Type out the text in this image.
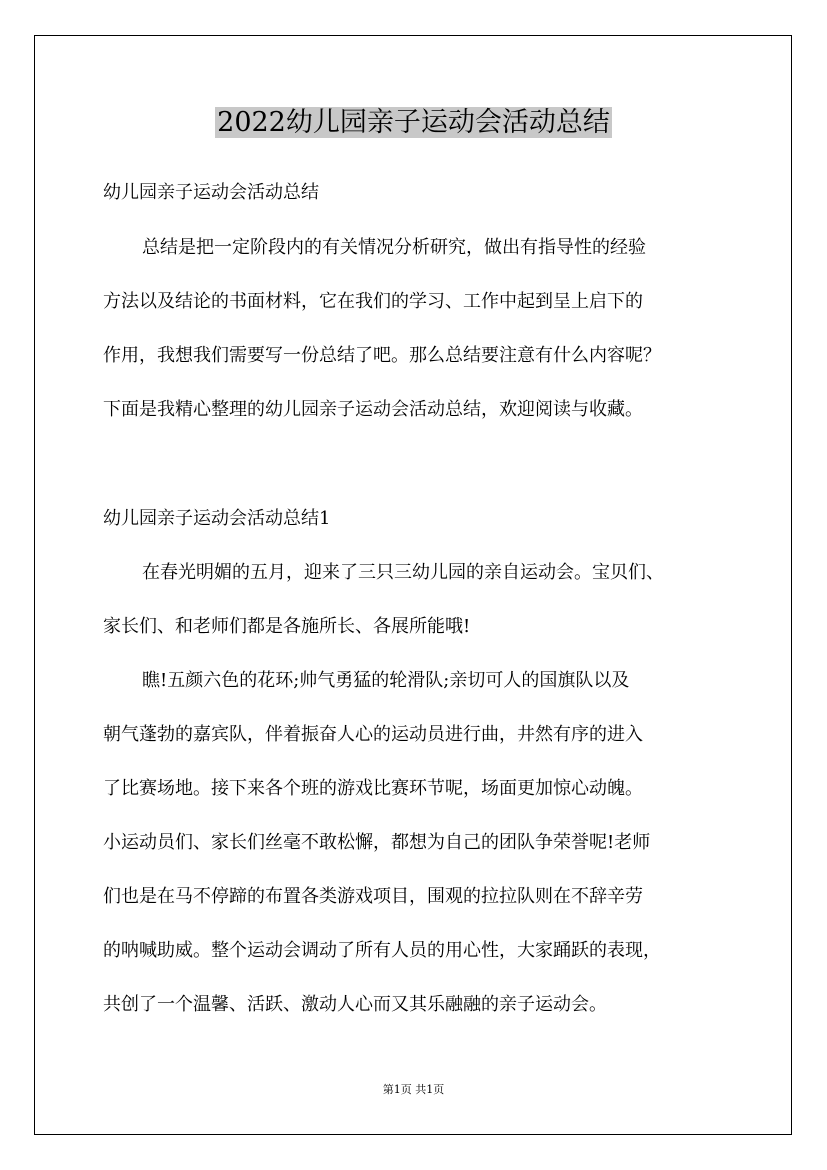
2022幼儿园亲子运动会活动总结

幼儿园亲子运动会活动总结

总结是把一定阶段内的有关情况分析研究，做出有指导性的经验

方法以及结论的书面材料，它在我们的学习、工作中起到呈上启下的

作用，我想我们需要写一份总结了吧。那么总结要注意有什么内容呢？

下面是我精心整理的幼儿园亲子运动会活动总结，欢迎阅读与收藏。

幼儿园亲子运动会活动总结1

在春光明媚的五月，迎来了三只三幼儿园的亲自运动会。宝贝们、

家长们、和老师们都是各施所长、各展所能哦!

瞧!五颜六色的花环;帅气勇猛的轮滑队;亲切可人的国旗队以及

朝气蓬勃的嘉宾队，伴着振奋人心的运动员进行曲，井然有序的进入

了比赛场地。接下来各个班的游戏比赛环节呢，场面更加惊心动魄。

小运动员们、家长们丝毫不敢松懈，都想为自己的团队争荣誉呢!老师

们也是在马不停蹄的布置各类游戏项目，围观的拉拉队则在不辞辛劳

的呐喊助威。整个运动会调动了所有人员的用心性，大家踊跃的表现，

共创了一个温馨、活跃、激动人心而又其乐融融的亲子运动会。

第1页 共1页
